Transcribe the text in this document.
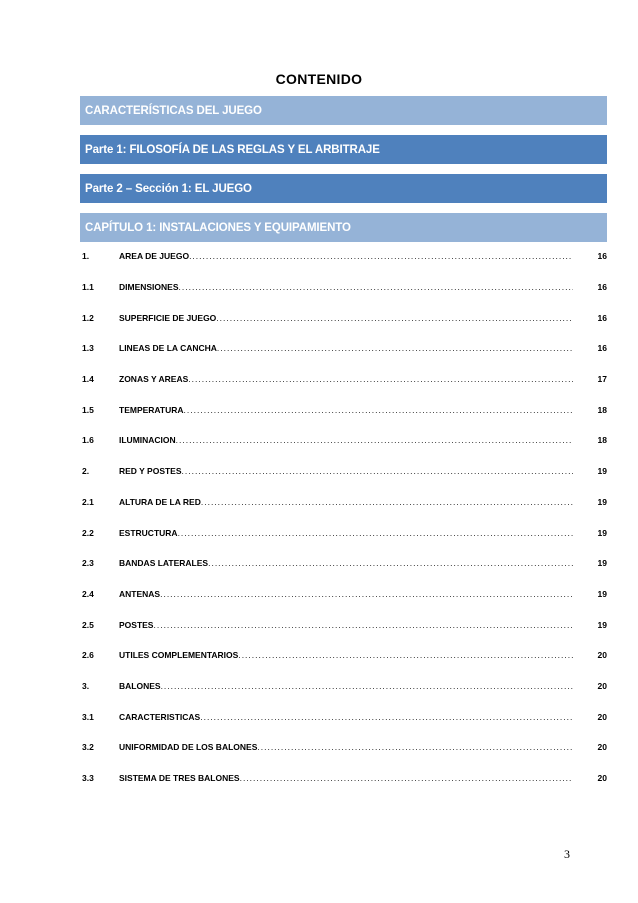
CONTENIDO
CARACTERÍSTICAS DEL JUEGO
Parte 1: FILOSOFÍA DE LAS REGLAS Y EL ARBITRAJE
Parte 2 – Sección 1: EL JUEGO
CAPÍTULO 1: INSTALACIONES Y EQUIPAMIENTO
1.	AREA DE JUEGO .....	16
1.1	DIMENSIONES .....	16
1.2	SUPERFICIE DE JUEGO .....	16
1.3	LINEAS DE LA CANCHA .....	16
1.4	ZONAS Y AREAS .....	17
1.5	TEMPERATURA .....	18
1.6	ILUMINACION .....	18
2.	RED Y POSTES .....	19
2.1	ALTURA DE LA RED .....	19
2.2	ESTRUCTURA .....	19
2.3	BANDAS LATERALES .....	19
2.4	ANTENAS .....	19
2.5	POSTES .....	19
2.6	UTILES COMPLEMENTARIOS .....	20
3.	BALONES .....	20
3.1	CARACTERISTICAS .....	20
3.2	UNIFORMIDAD DE LOS BALONES .....	20
3.3	SISTEMA DE TRES BALONES .....	20
3
